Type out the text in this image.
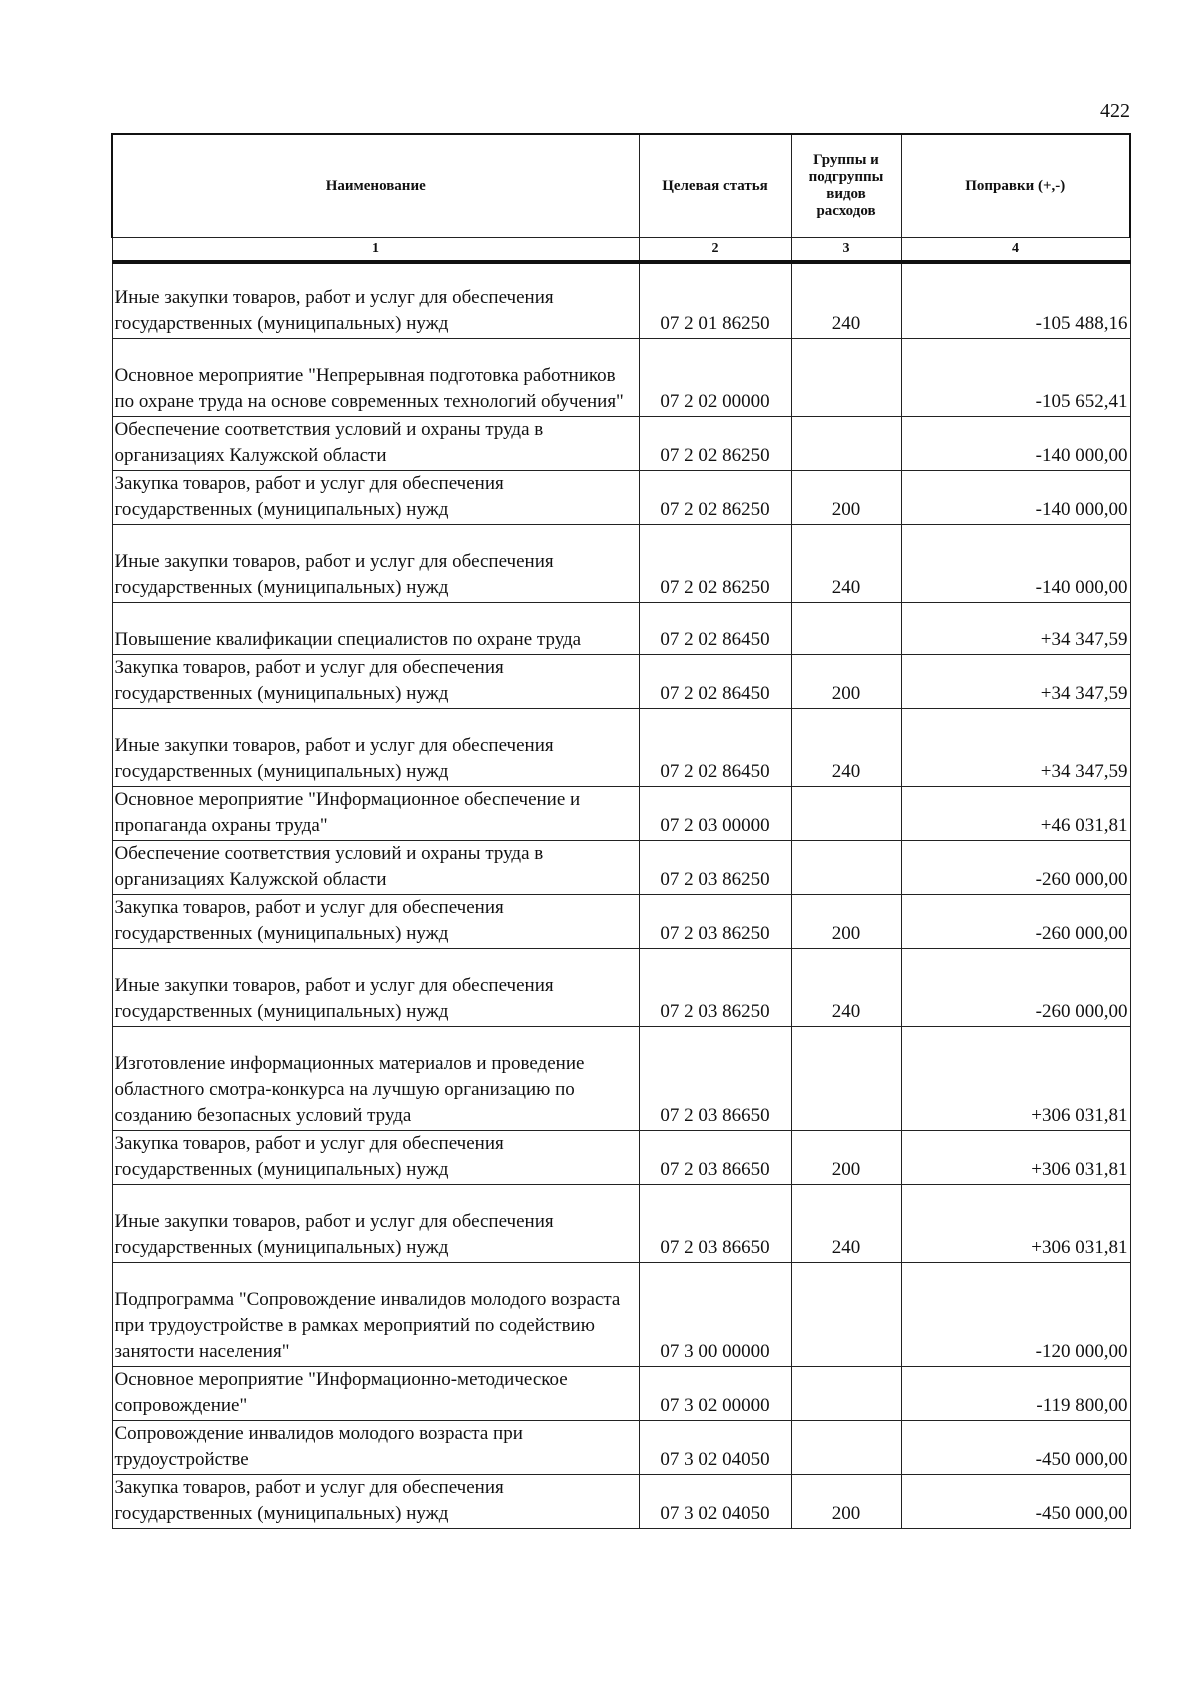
422
Наименование	Целевая статья	Группы и подгруппы видов расходов	Поправки (+,-)
1	2	3	4
Иные закупки товаров, работ и услуг для обеспечения государственных (муниципальных) нужд	07 2 01 86250	240	-105 488,16
Основное мероприятие "Непрерывная подготовка работников по охране труда на основе современных технологий обучения"	07 2 02 00000		-105 652,41
Обеспечение соответствия условий и охраны труда в организациях Калужской области	07 2 02 86250		-140 000,00
Закупка товаров, работ и услуг для обеспечения государственных (муниципальных) нужд	07 2 02 86250	200	-140 000,00
Иные закупки товаров, работ и услуг для обеспечения государственных (муниципальных) нужд	07 2 02 86250	240	-140 000,00
Повышение квалификации специалистов по охране труда	07 2 02 86450		+34 347,59
Закупка товаров, работ и услуг для обеспечения государственных (муниципальных) нужд	07 2 02 86450	200	+34 347,59
Иные закупки товаров, работ и услуг для обеспечения государственных (муниципальных) нужд	07 2 02 86450	240	+34 347,59
Основное мероприятие "Информационное обеспечение и пропаганда охраны труда"	07 2 03 00000		+46 031,81
Обеспечение соответствия условий и охраны труда в организациях Калужской области	07 2 03 86250		-260 000,00
Закупка товаров, работ и услуг для обеспечения государственных (муниципальных) нужд	07 2 03 86250	200	-260 000,00
Иные закупки товаров, работ и услуг для обеспечения государственных (муниципальных) нужд	07 2 03 86250	240	-260 000,00
Изготовление информационных материалов и проведение областного смотра-конкурса на лучшую организацию по созданию безопасных условий труда	07 2 03 86650		+306 031,81
Закупка товаров, работ и услуг для обеспечения государственных (муниципальных) нужд	07 2 03 86650	200	+306 031,81
Иные закупки товаров, работ и услуг для обеспечения государственных (муниципальных) нужд	07 2 03 86650	240	+306 031,81
Подпрограмма "Сопровождение инвалидов молодого возраста при трудоустройстве в рамках мероприятий по содействию занятости населения"	07 3 00 00000		-120 000,00
Основное мероприятие "Информационно-методическое сопровождение"	07 3 02 00000		-119 800,00
Сопровождение инвалидов молодого возраста при трудоустройстве	07 3 02 04050		-450 000,00
Закупка товаров, работ и услуг для обеспечения государственных (муниципальных) нужд	07 3 02 04050	200	-450 000,00
